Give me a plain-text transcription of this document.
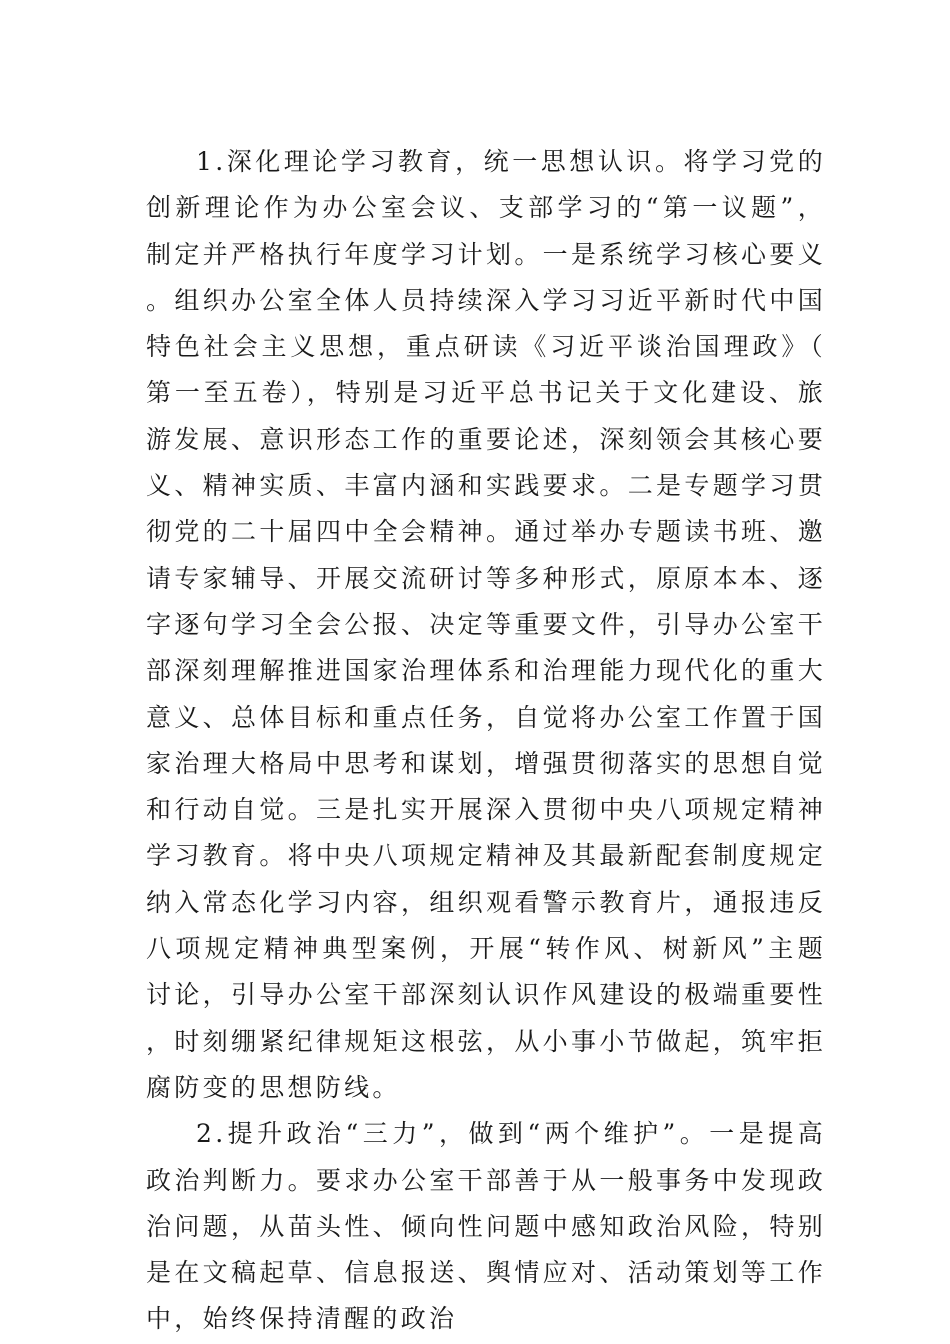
1.深化理论学习教育，统一思想认识。将学习党的创新理论作为办公室会议、支部学习的“第一议题”，制定并严格执行年度学习计划。一是系统学习核心要义。组织办公室全体人员持续深入学习习近平新时代中国特色社会主义思想，重点研读《习近平谈治国理政》（第一至五卷），特别是习近平总书记关于文化建设、旅游发展、意识形态工作的重要论述，深刻领会其核心要义、精神实质、丰富内涵和实践要求。二是专题学习贯彻党的二十届四中全会精神。通过举办专题读书班、邀请专家辅导、开展交流研讨等多种形式，原原本本、逐字逐句学习全会公报、决定等重要文件，引导办公室干部深刻理解推进国家治理体系和治理能力现代化的重大意义、总体目标和重点任务，自觉将办公室工作置于国家治理大格局中思考和谋划，增强贯彻落实的思想自觉和行动自觉。三是扎实开展深入贯彻中央八项规定精神学习教育。将中央八项规定精神及其最新配套制度规定纳入常态化学习内容，组织观看警示教育片，通报违反八项规定精神典型案例，开展“转作风、树新风”主题讨论，引导办公室干部深刻认识作风建设的极端重要性，时刻绷紧纪律规矩这根弦，从小事小节做起，筑牢拒腐防变的思想防线。

2.提升政治“三力”，做到“两个维护”。一是提高政治判断力。要求办公室干部善于从一般事务中发现政治问题，从苗头性、倾向性问题中感知政治风险，特别是在文稿起草、信息报送、舆情应对、活动策划等工作中，始终保持清醒的政治
